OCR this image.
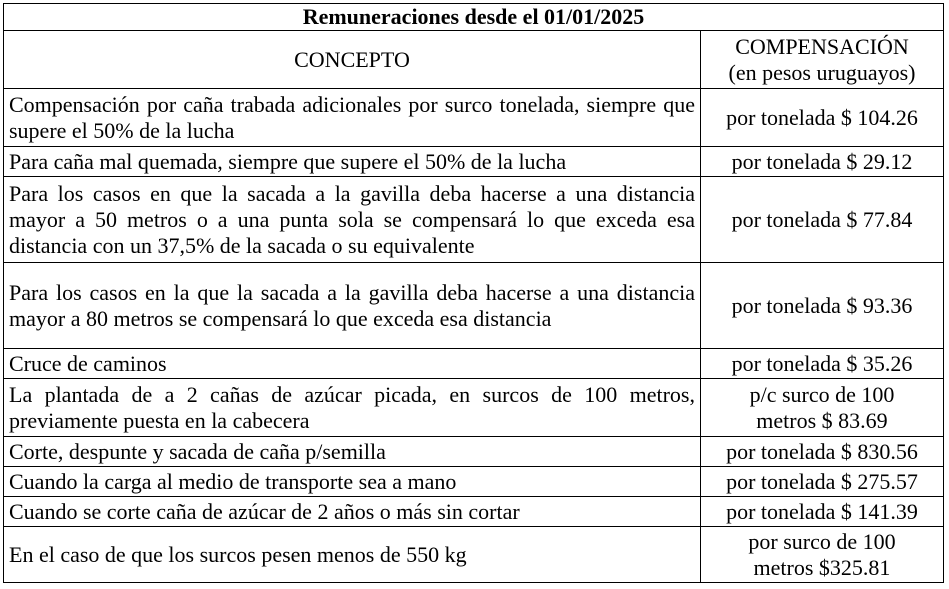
Remuneraciones desde el 01/01/2025	
CONCEPTO	COMPENSACIÓN
(en pesos uruguayos)

Compensación por caña trabada adicionales por surco tonelada, siempre que supere el 50% de la lucha	por tonelada $ 104.26

Para caña mal quemada, siempre que supere el 50% de la lucha	por tonelada $ 29.12

Para los casos en que la sacada a la gavilla deba hacerse a una distancia mayor a 50 metros o a una punta sola se compensará lo que exceda esa distancia con un 37,5% de la sacada o su equivalente	por tonelada $ 77.84

Para los casos en la que la sacada a la gavilla deba hacerse a una distancia mayor a 80 metros se compensará lo que exceda esa distancia	por tonelada $ 93.36

Cruce de caminos	por tonelada $ 35.26

La plantada de a 2 cañas de azúcar picada, en surcos de 100 metros, previamente puesta en la cabecera	p/c surco de 100
metros $ 83.69

Corte, despunte y sacada de caña p/semilla	por tonelada $ 830.56

Cuando la carga al medio de transporte sea a mano	por tonelada $ 275.57

Cuando se corte caña de azúcar de 2 años o más sin cortar	por tonelada $ 141.39

En el caso de que los surcos pesen menos de 550 kg	por surco de 100
metros $325.81
